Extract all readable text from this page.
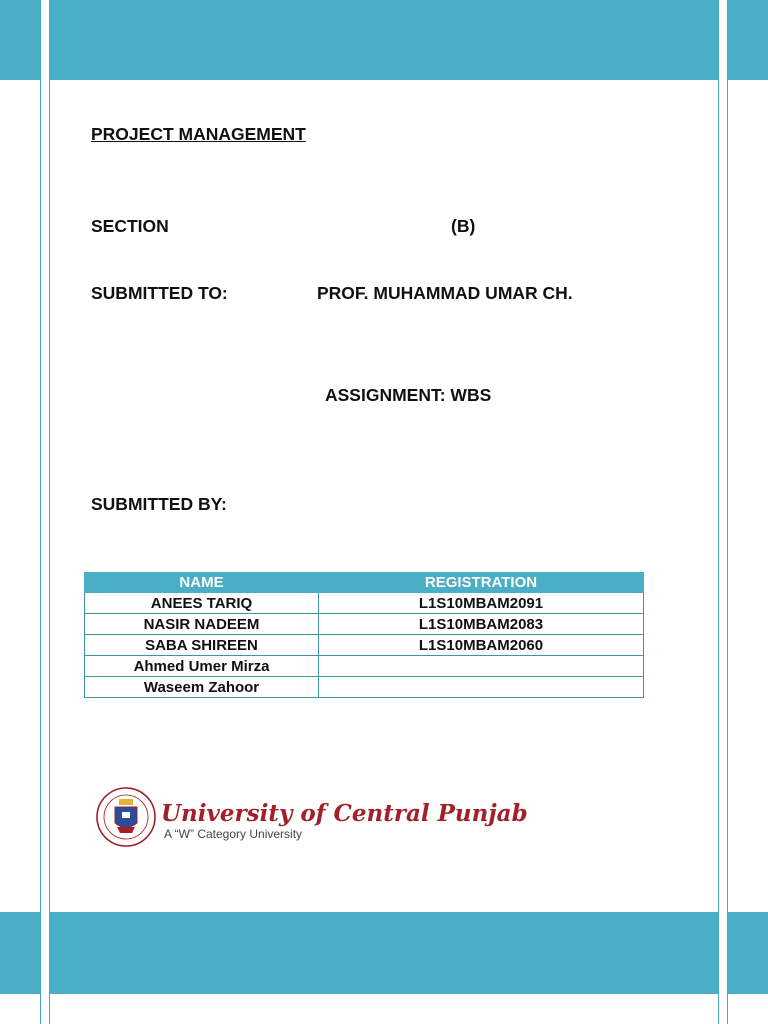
PROJECT MANAGEMENT
SECTION	(B)
SUBMITTED TO:	PROF. MUHAMMAD UMAR CH.
ASSIGNMENT: WBS
SUBMITTED BY:
NAME	REGISTRATION
ANEES TARIQ	L1S10MBAM2091
NASIR NADEEM	L1S10MBAM2083
SABA SHIREEN	L1S10MBAM2060
Ahmed Umer Mirza	
Waseem Zahoor	
University of Central Punjab
A “W” Category University
